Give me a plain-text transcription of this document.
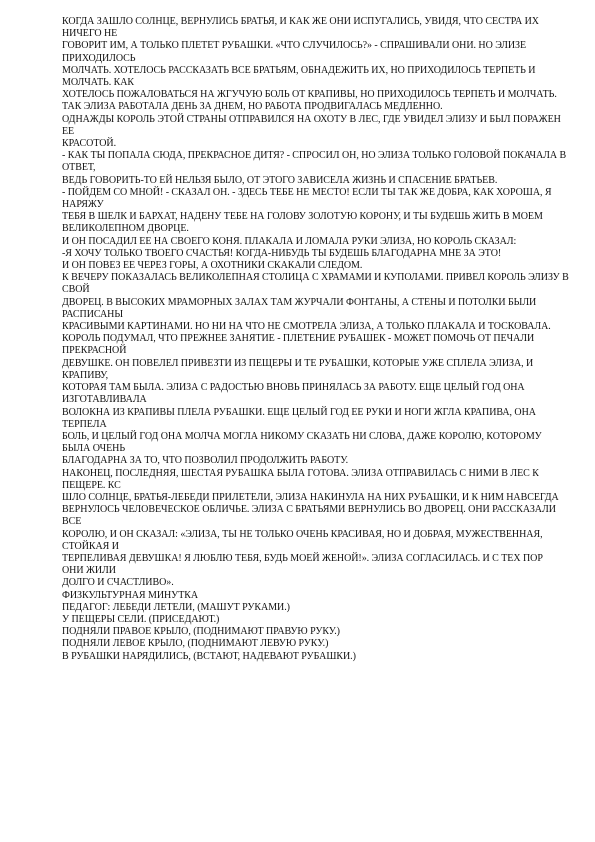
КОГДА ЗАШЛО СОЛНЦЕ, ВЕРНУЛИСЬ БРАТЬЯ, И КАК ЖЕ ОНИ ИСПУГАЛИСЬ, УВИДЯ, ЧТО СЕСТРА ИХ
НИЧЕГО НЕ
ГОВОРИТ ИМ, А ТОЛЬКО ПЛЕТЕТ РУБАШКИ. «ЧТО СЛУЧИЛОСЬ?» - СПРАШИВАЛИ ОНИ. НО ЭЛИЗЕ
ПРИХОДИЛОСЬ
МОЛЧАТЬ. ХОТЕЛОСЬ РАССКАЗАТЬ ВСЕ БРАТЬЯМ, ОБНАДЕЖИТЬ ИХ, НО ПРИХОДИЛОСЬ ТЕРПЕТЬ И
МОЛЧАТЬ. КАК
ХОТЕЛОСЬ ПОЖАЛОВАТЬСЯ НА ЖГУЧУЮ БОЛЬ ОТ КРАПИВЫ, НО ПРИХОДИЛОСЬ ТЕРПЕТЬ И МОЛЧАТЬ.
ТАК ЭЛИЗА РАБОТАЛА ДЕНЬ ЗА ДНЕМ, НО РАБОТА ПРОДВИГАЛАСЬ МЕДЛЕННО.
ОДНАЖДЫ КОРОЛЬ ЭТОЙ СТРАНЫ ОТПРАВИЛСЯ НА ОХОТУ В ЛЕС, ГДЕ УВИДЕЛ ЭЛИЗУ И БЫЛ ПОРАЖЕН
ЕЕ
КРАСОТОЙ.
- КАК ТЫ ПОПАЛА СЮДА, ПРЕКРАСНОЕ ДИТЯ? - СПРОСИЛ ОН, НО ЭЛИЗА ТОЛЬКО ГОЛОВОЙ ПОКАЧАЛА В
ОТВЕТ,
ВЕДЬ ГОВОРИТЬ-ТО ЕЙ НЕЛЬЗЯ БЫЛО, ОТ ЭТОГО ЗАВИСЕЛА ЖИЗНЬ И СПАСЕНИЕ БРАТЬЕВ.
- ПОЙДЕМ СО МНОЙ! - СКАЗАЛ ОН. - ЗДЕСЬ ТЕБЕ НЕ МЕСТО! ЕСЛИ ТЫ ТАК ЖЕ ДОБРА, КАК ХОРОША, Я
НАРЯЖУ
ТЕБЯ В ШЕЛК И БАРХАТ, НАДЕНУ ТЕБЕ НА ГОЛОВУ ЗОЛОТУЮ КОРОНУ, И ТЫ БУДЕШЬ ЖИТЬ В МОЕМ
ВЕЛИКОЛЕПНОМ ДВОРЦЕ.
И ОН ПОСАДИЛ ЕЕ НА СВОЕГО КОНЯ. ПЛАКАЛА И ЛОМАЛА РУКИ ЭЛИЗА, НО КОРОЛЬ СКАЗАЛ:
-Я ХОЧУ ТОЛЬКО ТВОЕГО СЧАСТЬЯ! КОГДА-НИБУДЬ ТЫ БУДЕШЬ БЛАГОДАРНА МНЕ ЗА ЭТО!
И ОН ПОВЕЗ ЕЕ ЧЕРЕЗ ГОРЫ, А ОХОТНИКИ СКАКАЛИ СЛЕДОМ.
К ВЕЧЕРУ ПОКАЗАЛАСЬ ВЕЛИКОЛЕПНАЯ СТОЛИЦА С ХРАМАМИ И КУПОЛАМИ. ПРИВЕЛ КОРОЛЬ ЭЛИЗУ В
СВОЙ
ДВОРЕЦ. В ВЫСОКИХ МРАМОРНЫХ ЗАЛАХ ТАМ ЖУРЧАЛИ ФОНТАНЫ, А СТЕНЫ И ПОТОЛКИ БЫЛИ
РАСПИСАНЫ
КРАСИВЫМИ КАРТИНАМИ. НО НИ НА ЧТО НЕ СМОТРЕЛА ЭЛИЗА, А ТОЛЬКО ПЛАКАЛА И ТОСКОВАЛА.
КОРОЛЬ ПОДУМАЛ, ЧТО ПРЕЖНЕЕ ЗАНЯТИЕ - ПЛЕТЕНИЕ РУБАШЕК - МОЖЕТ ПОМОЧЬ ОТ ПЕЧАЛИ
ПРЕКРАСНОЙ
ДЕВУШКЕ. ОН ПОВЕЛЕЛ ПРИВЕЗТИ ИЗ ПЕЩЕРЫ И ТЕ РУБАШКИ, КОТОРЫЕ УЖЕ СПЛЕЛА ЭЛИЗА, И
КРАПИВУ,
КОТОРАЯ ТАМ БЫЛА. ЭЛИЗА С РАДОСТЬЮ ВНОВЬ ПРИНЯЛАСЬ ЗА РАБОТУ. ЕЩЕ ЦЕЛЫЙ ГОД ОНА
ИЗГОТАВЛИВАЛА
ВОЛОКНА ИЗ КРАПИВЫ ПЛЕЛА РУБАШКИ. ЕЩЕ ЦЕЛЫЙ ГОД ЕЕ РУКИ И НОГИ ЖГЛА КРАПИВА, ОНА
ТЕРПЕЛА
БОЛЬ, И ЦЕЛЫЙ ГОД ОНА МОЛЧА МОГЛА НИКОМУ СКАЗАТЬ НИ СЛОВА, ДАЖЕ КОРОЛЮ, КОТОРОМУ
БЫЛА ОЧЕНЬ
БЛАГОДАРНА ЗА ТО, ЧТО ПОЗВОЛИЛ ПРОДОЛЖИТЬ РАБОТУ.
НАКОНЕЦ, ПОСЛЕДНЯЯ, ШЕСТАЯ РУБАШКА БЫЛА ГОТОВА. ЭЛИЗА ОТПРАВИЛАСЬ С НИМИ В ЛЕС К
ПЕЩЕРЕ. КС
ШЛО СОЛНЦЕ, БРАТЬЯ-ЛЕБЕДИ ПРИЛЕТЕЛИ, ЭЛИЗА НАКИНУЛА НА НИХ РУБАШКИ, И К НИМ НАВСЕГДА
ВЕРНУЛОСЬ ЧЕЛОВЕЧЕСКОЕ ОБЛИЧЬЕ. ЭЛИЗА С БРАТЬЯМИ ВЕРНУЛИСЬ ВО ДВОРЕЦ. ОНИ РАССКАЗАЛИ
ВСЕ
КОРОЛЮ, И ОН СКАЗАЛ: «ЭЛИЗА, ТЫ НЕ ТОЛЬКО ОЧЕНЬ КРАСИВАЯ, НО И ДОБРАЯ, МУЖЕСТВЕННАЯ,
СТОЙКАЯ И
ТЕРПЕЛИВАЯ ДЕВУШКА! Я ЛЮБЛЮ ТЕБЯ, БУДЬ МОЕЙ ЖЕНОЙ!». ЭЛИЗА СОГЛАСИЛАСЬ. И С ТЕХ ПОР
ОНИ ЖИЛИ
ДОЛГО И СЧАСТЛИВО».
ФИЗКУЛЬТУРНАЯ МИНУТКА
ПЕДАГОГ: ЛЕБЕДИ ЛЕТЕЛИ, (МАШУТ РУКАМИ.)
У ПЕЩЕРЫ СЕЛИ. (ПРИСЕДАЮТ.)
ПОДНЯЛИ ПРАВОЕ КРЫЛО, (ПОДНИМАЮТ ПРАВУЮ РУКУ.)
ПОДНЯЛИ ЛЕВОЕ КРЫЛО, (ПОДНИМАЮТ ЛЕВУЮ РУКУ.)
В РУБАШКИ НАРЯДИЛИСЬ, (ВСТАЮТ, НАДЕВАЮТ РУБАШКИ.)
